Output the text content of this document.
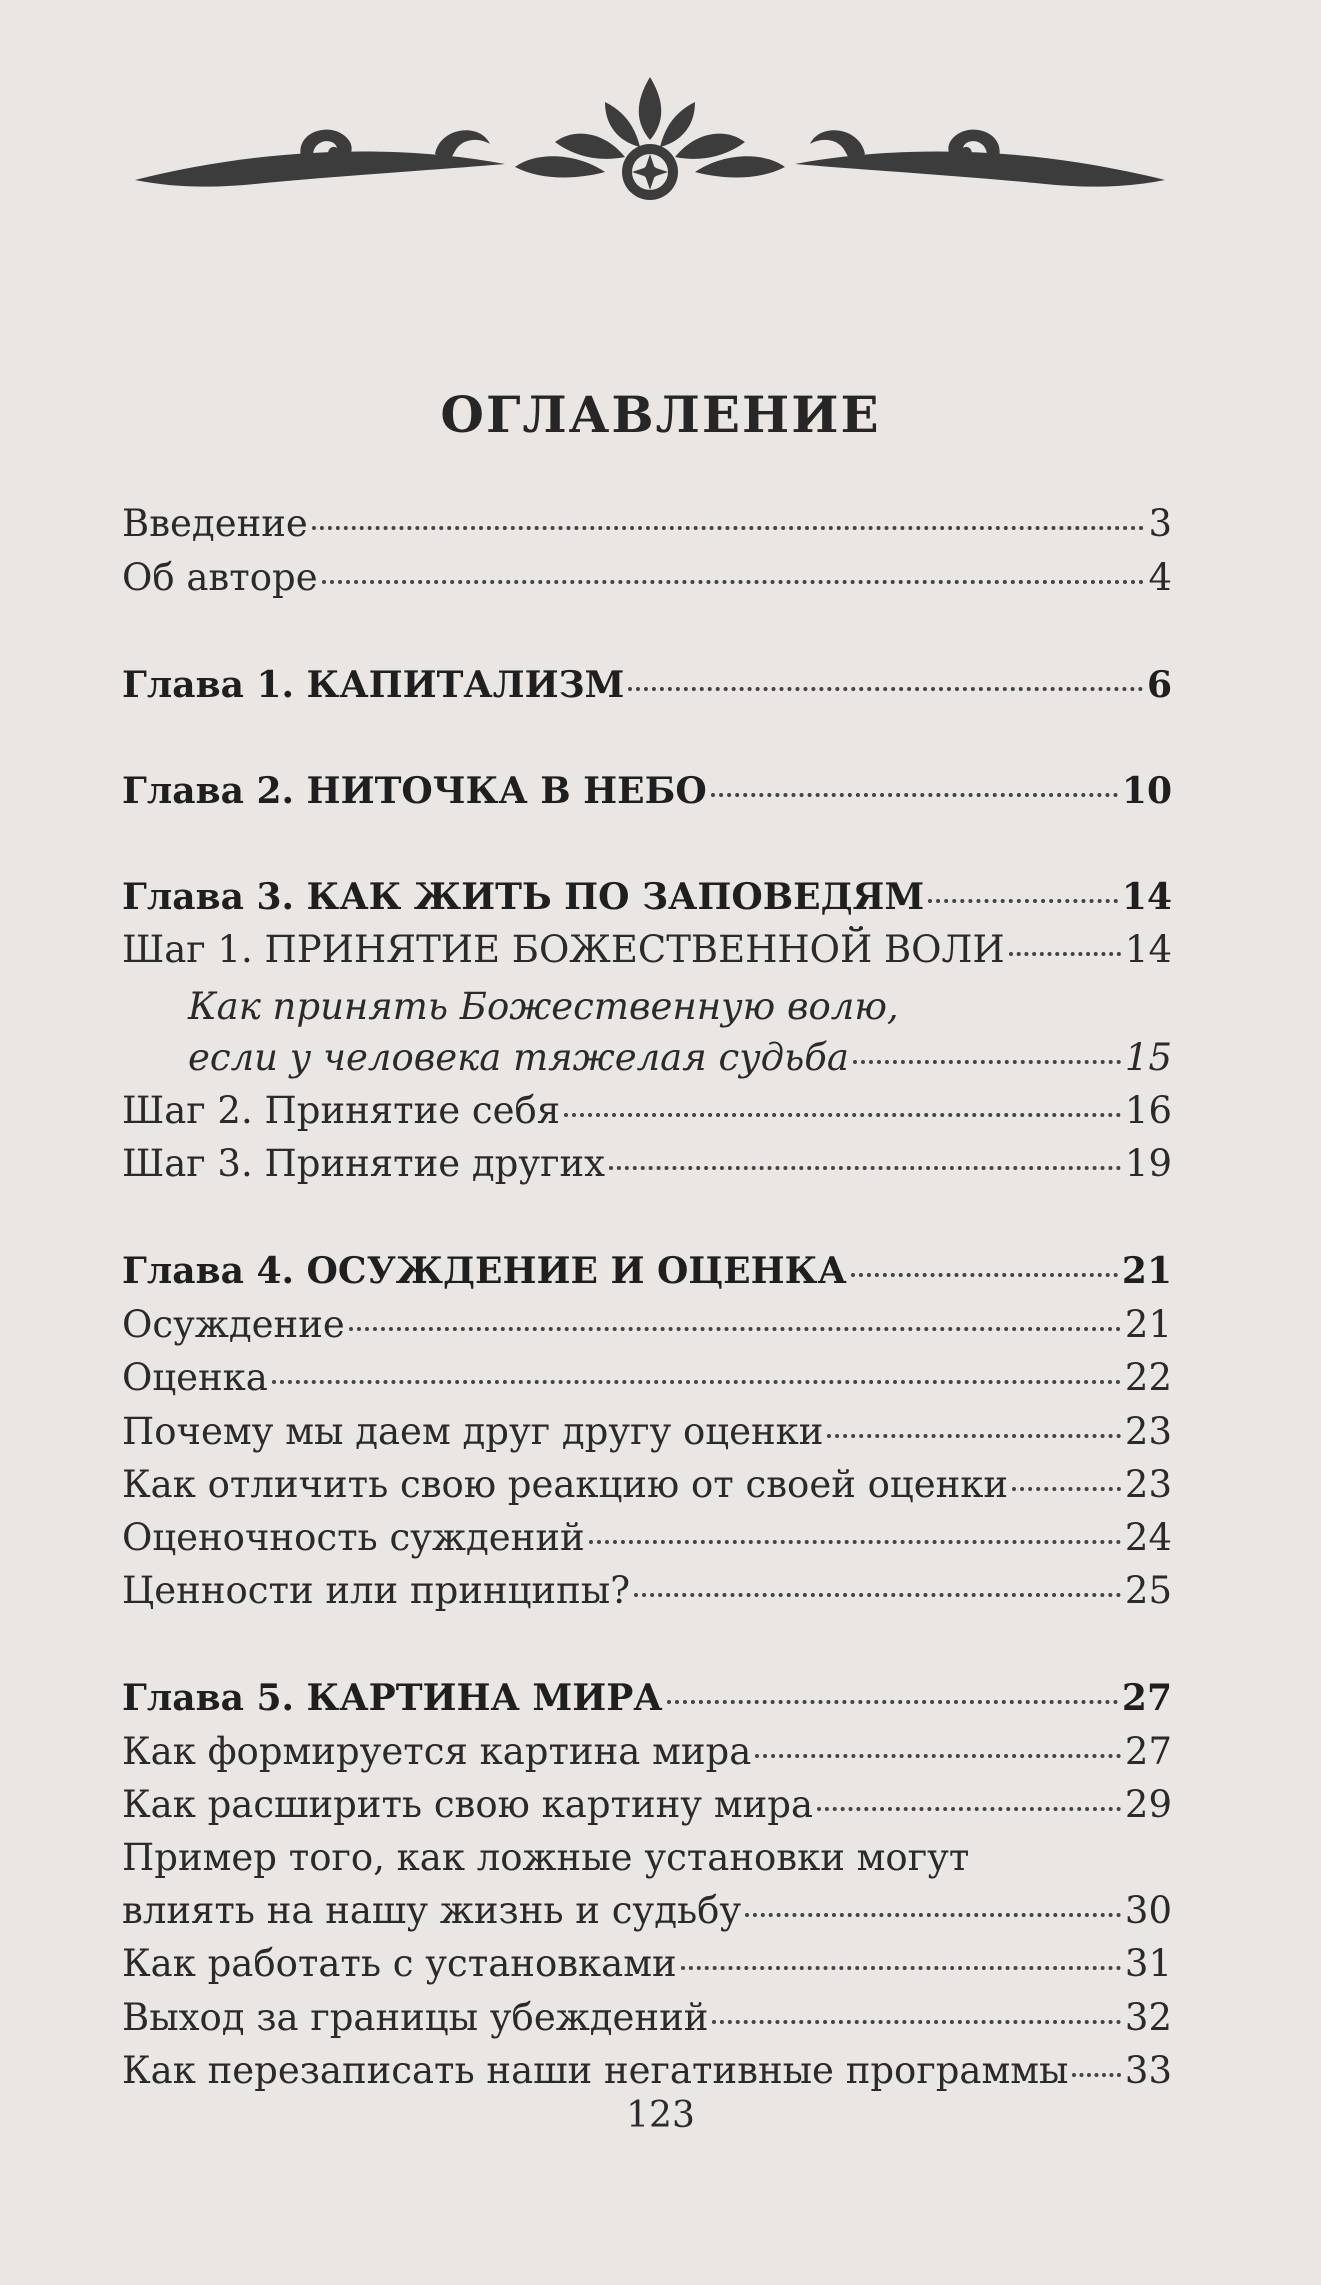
ОГЛАВЛЕНИЕ
Введение	3
Об авторе	4
Глава 1. КАПИТАЛИЗМ	6
Глава 2. НИТОЧКА В НЕБО	10
Глава 3. КАК ЖИТЬ ПО ЗАПОВЕДЯМ	14
Шаг 1. ПРИНЯТИЕ БОЖЕСТВЕННОЙ ВОЛИ	14
Как принять Божественную волю,
если у человека тяжелая судьба	15
Шаг 2. Принятие себя	16
Шаг 3. Принятие других	19
Глава 4. ОСУЖДЕНИЕ И ОЦЕНКА	21
Осуждение	21
Оценка	22
Почему мы даем друг другу оценки	23
Как отличить свою реакцию от своей оценки	23
Оценочность суждений	24
Ценности или принципы?	25
Глава 5. КАРТИНА МИРА	27
Как формируется картина мира	27
Как расширить свою картину мира	29
Пример того, как ложные установки могут
влиять на нашу жизнь и судьбу	30
Как работать с установками	31
Выход за границы убеждений	32
Как перезаписать наши негативные программы 33
123
